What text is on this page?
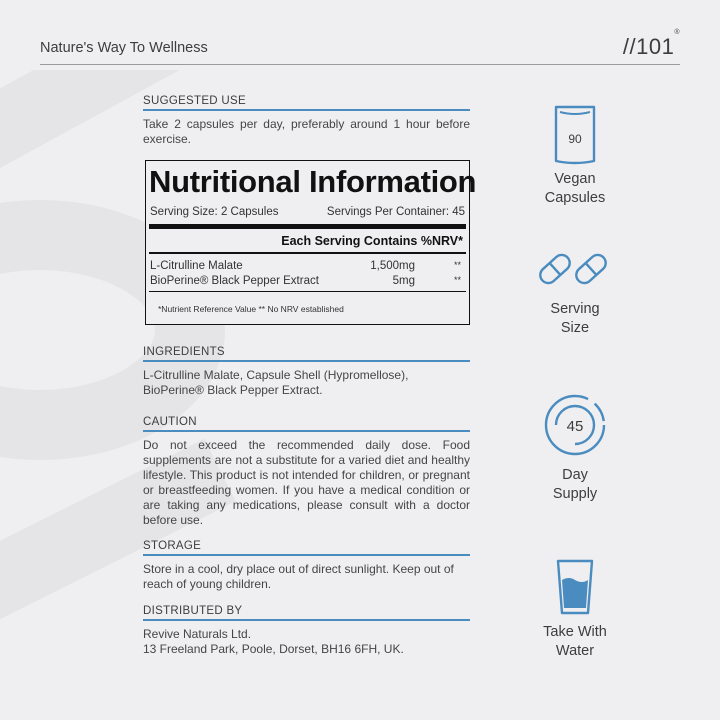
Nature's Way To Wellness	//101®
SUGGESTED USE
Take 2 capsules per day, preferably around 1 hour before exercise.
Nutritional Information
Serving Size: 2 Capsules	Servings Per Container: 45
Each Serving Contains %NRV*
L-Citrulline Malate	1,500mg	**
BioPerine® Black Pepper Extract	5mg	**
*Nutrient Reference Value ** No NRV established
INGREDIENTS
L-Citrulline Malate, Capsule Shell (Hypromellose), BioPerine® Black Pepper Extract.
CAUTION
Do not exceed the recommended daily dose. Food supplements are not a substitute for a varied diet and healthy lifestyle. This product is not intended for children, or pregnant or breastfeeding women. If you have a medical condition or are taking any medications, please consult with a doctor before use.
STORAGE
Store in a cool, dry place out of direct sunlight. Keep out of reach of young children.
DISTRIBUTED BY
Revive Naturals Ltd.
13 Freeland Park, Poole, Dorset, BH16 6FH, UK.
90
Vegan
Capsules
Serving
Size
45
Day
Supply
Take With
Water
